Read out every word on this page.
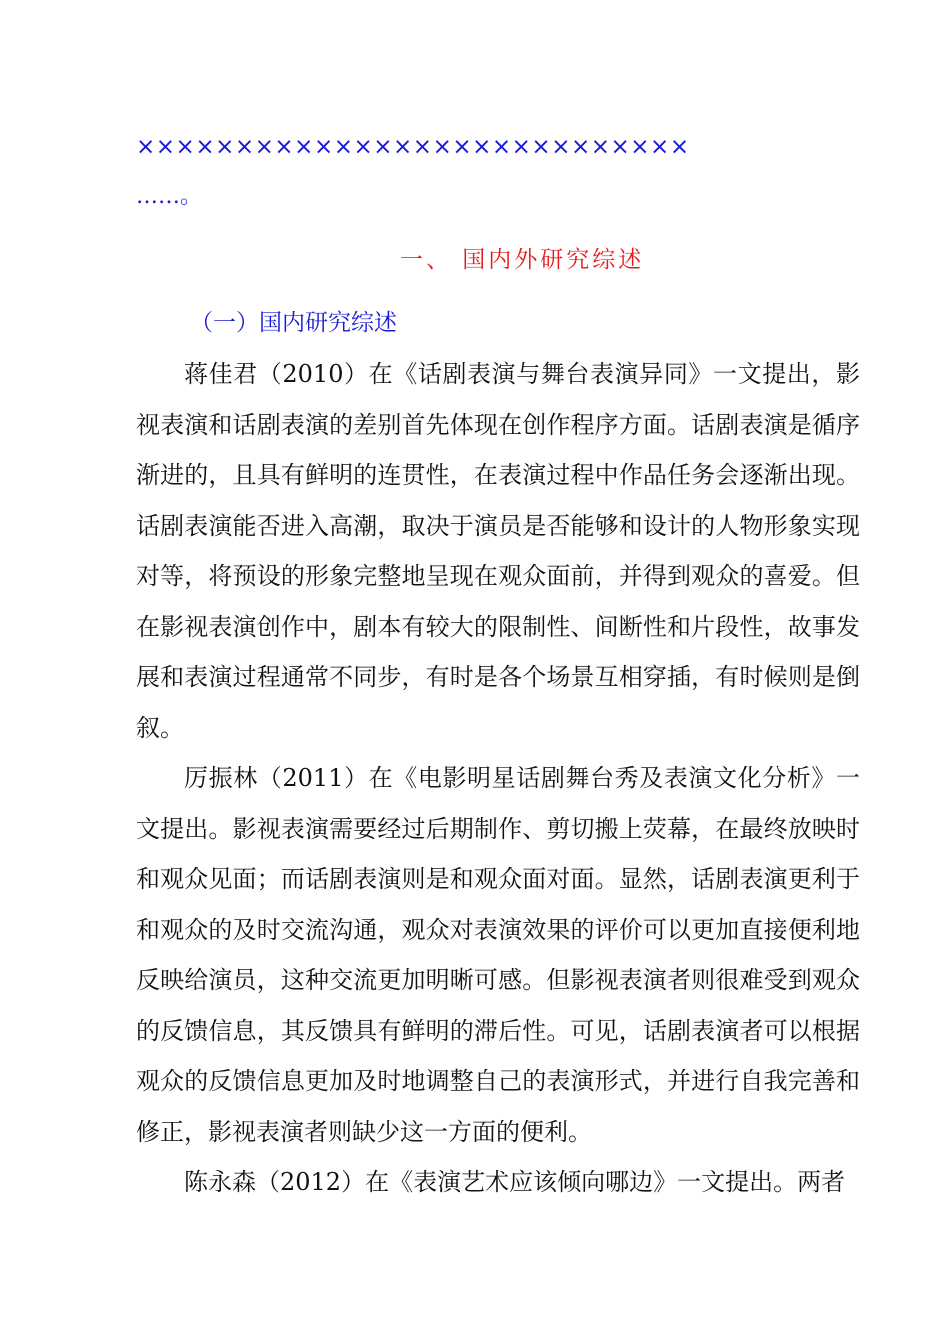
××××××××××××××××××××××××××××
……。
一、 国内外研究综述
（一）国内研究综述

蒋佳君（2010）在《话剧表演与舞台表演异同》一文提出，影视表演和话剧表演的差别首先体现在创作程序方面。话剧表演是循序渐进的，且具有鲜明的连贯性，在表演过程中作品任务会逐渐出现。话剧表演能否进入高潮，取决于演员是否能够和设计的人物形象实现对等，将预设的形象完整地呈现在观众面前，并得到观众的喜爱。但在影视表演创作中，剧本有较大的限制性、间断性和片段性，故事发展和表演过程通常不同步，有时是各个场景互相穿插，有时候则是倒叙。

厉振林（2011）在《电影明星话剧舞台秀及表演文化分析》一文提出。影视表演需要经过后期制作、剪切搬上荧幕，在最终放映时和观众见面；而话剧表演则是和观众面对面。显然，话剧表演更利于和观众的及时交流沟通，观众对表演效果的评价可以更加直接便利地反映给演员，这种交流更加明晰可感。但影视表演者则很难受到观众的反馈信息，其反馈具有鲜明的滞后性。可见，话剧表演者可以根据观众的反馈信息更加及时地调整自己的表演形式，并进行自我完善和修正，影视表演者则缺少这一方面的便利。

陈永森（2012）在《表演艺术应该倾向哪边》一文提出。两者
